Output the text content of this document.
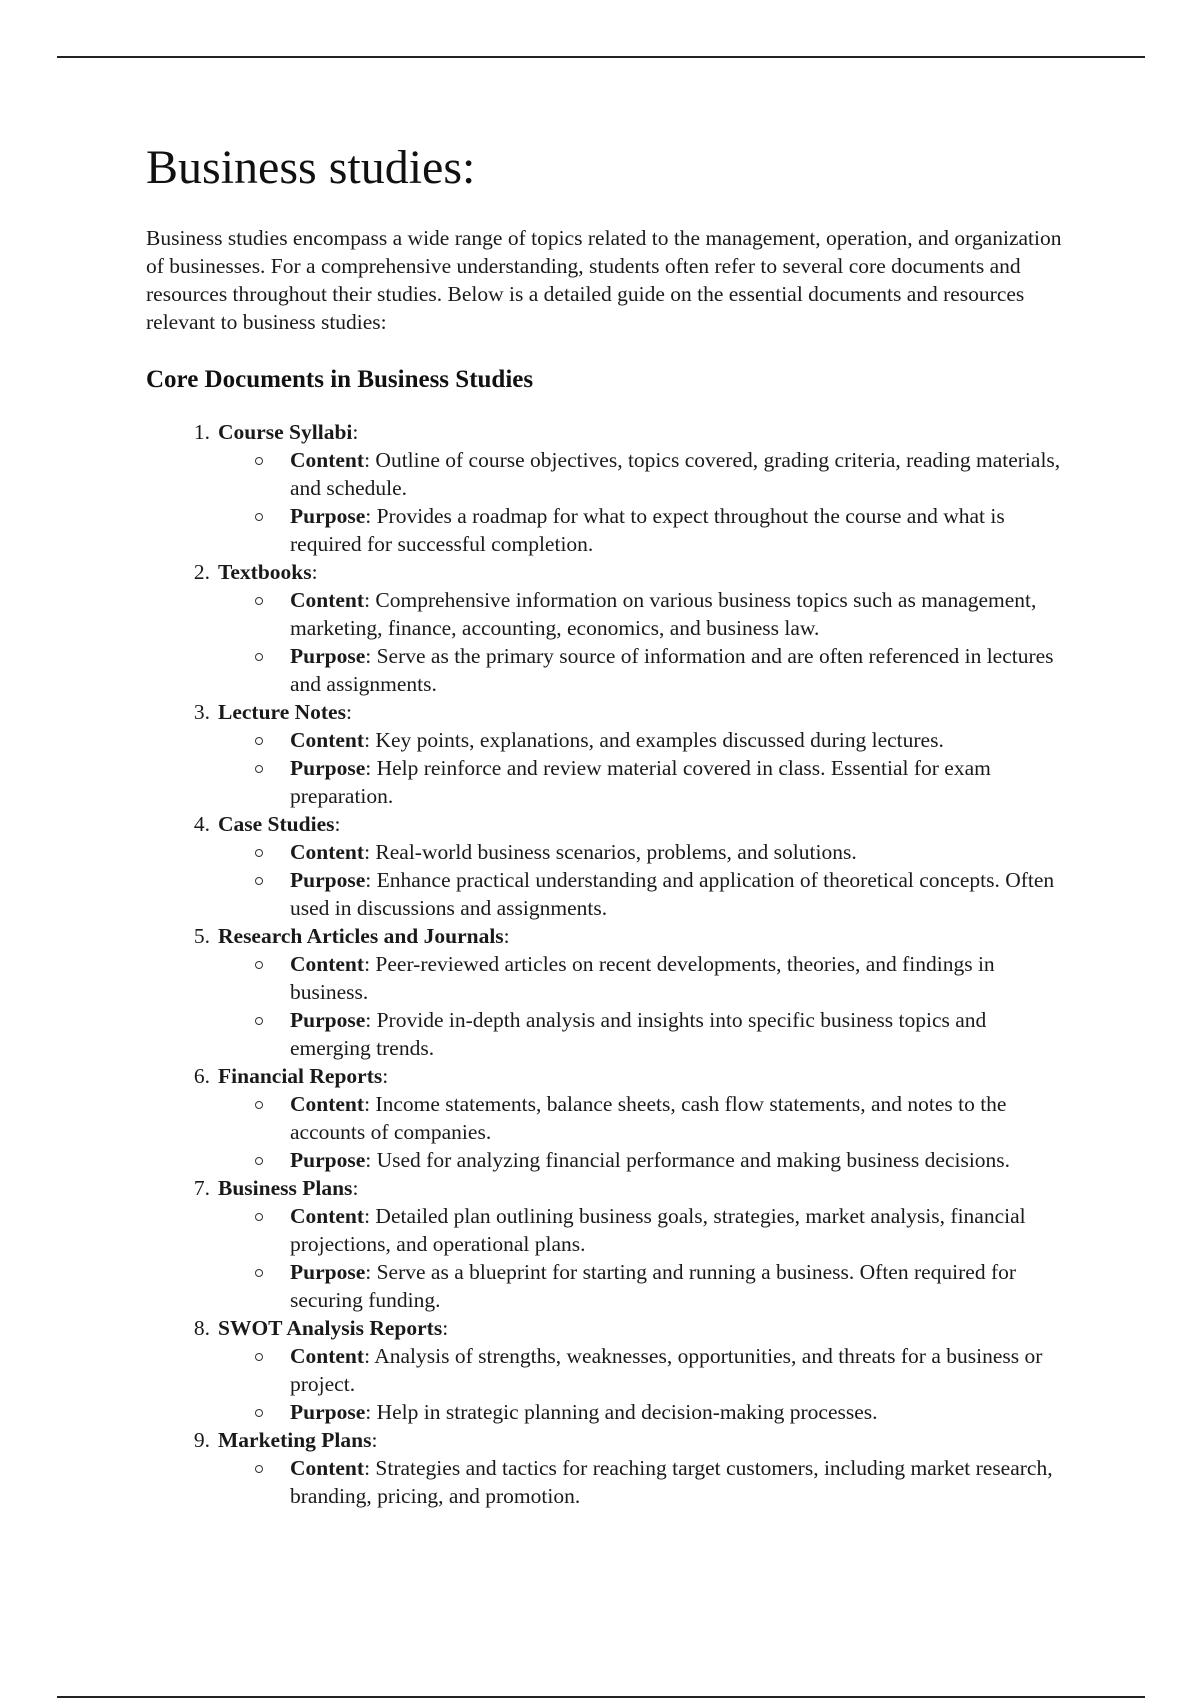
Business studies:

Business studies encompass a wide range of topics related to the management, operation, and organization of businesses. For a comprehensive understanding, students often refer to several core documents and resources throughout their studies. Below is a detailed guide on the essential documents and resources relevant to business studies:

Core Documents in Business Studies
1. Course Syllabi:
Content: Outline of course objectives, topics covered, grading criteria, reading materials, and schedule.
Purpose: Provides a roadmap for what to expect throughout the course and what is required for successful completion.
2. Textbooks:
Content: Comprehensive information on various business topics such as management, marketing, finance, accounting, economics, and business law.
Purpose: Serve as the primary source of information and are often referenced in lectures and assignments.
3. Lecture Notes:
Content: Key points, explanations, and examples discussed during lectures.
Purpose: Help reinforce and review material covered in class. Essential for exam preparation.
4. Case Studies:
Content: Real-world business scenarios, problems, and solutions.
Purpose: Enhance practical understanding and application of theoretical concepts. Often used in discussions and assignments.
5. Research Articles and Journals:
Content: Peer-reviewed articles on recent developments, theories, and findings in business.
Purpose: Provide in-depth analysis and insights into specific business topics and emerging trends.
6. Financial Reports:
Content: Income statements, balance sheets, cash flow statements, and notes to the accounts of companies.
Purpose: Used for analyzing financial performance and making business decisions.
7. Business Plans:
Content: Detailed plan outlining business goals, strategies, market analysis, financial projections, and operational plans.
Purpose: Serve as a blueprint for starting and running a business. Often required for securing funding.
8. SWOT Analysis Reports:
Content: Analysis of strengths, weaknesses, opportunities, and threats for a business or project.
Purpose: Help in strategic planning and decision-making processes.
9. Marketing Plans:
Content: Strategies and tactics for reaching target customers, including market research, branding, pricing, and promotion.
